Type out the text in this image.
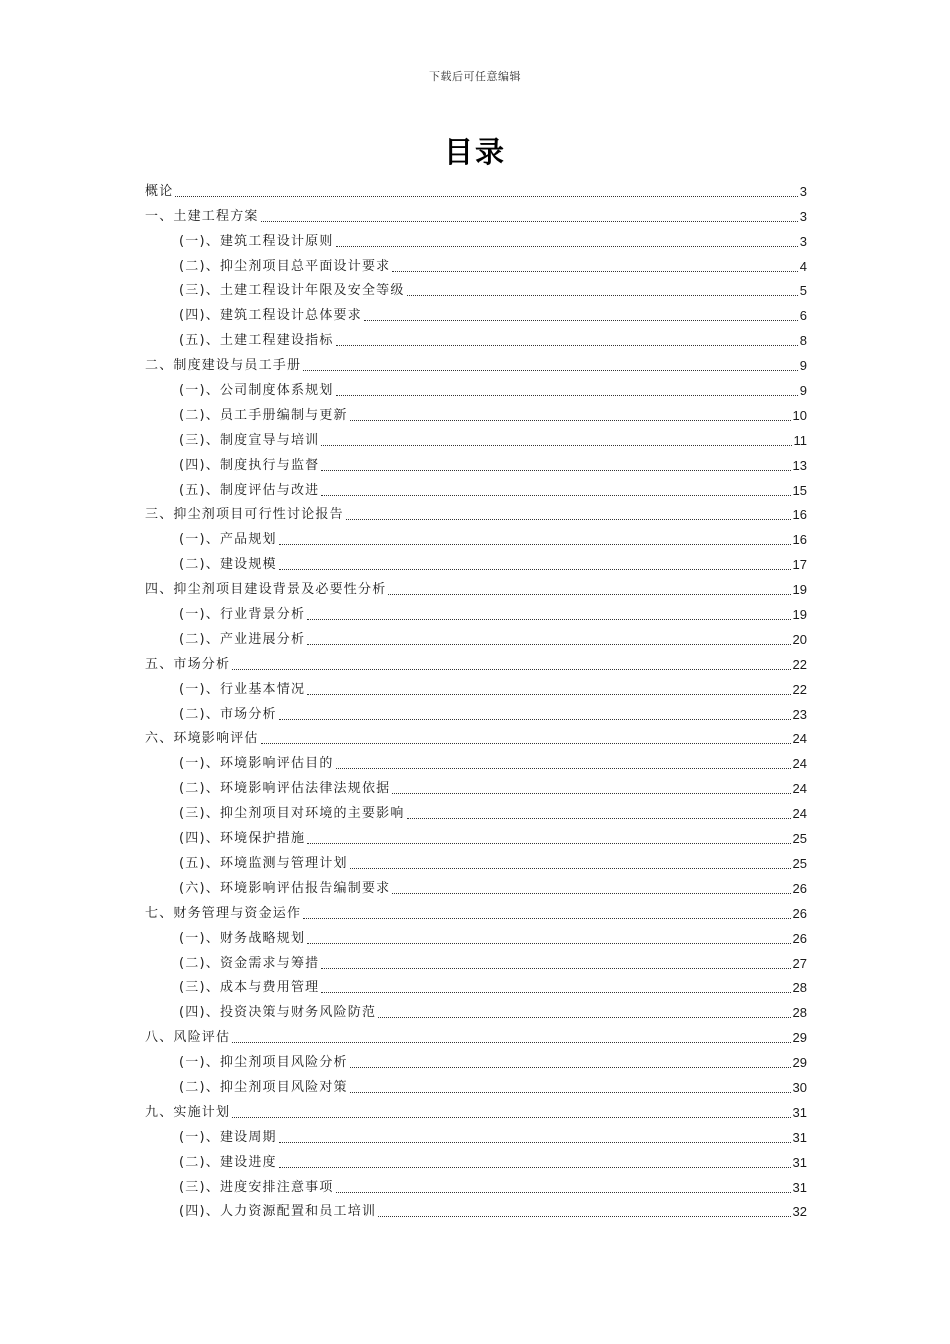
下载后可任意编辑
目录
概论	3
一、土建工程方案	3
(一)、建筑工程设计原则	3
(二)、抑尘剂项目总平面设计要求	4
(三)、土建工程设计年限及安全等级	5
(四)、建筑工程设计总体要求	6
(五)、土建工程建设指标	8
二、制度建设与员工手册	9
(一)、公司制度体系规划	9
(二)、员工手册编制与更新	10
(三)、制度宣导与培训	11
(四)、制度执行与监督	13
(五)、制度评估与改进	15
三、抑尘剂项目可行性讨论报告	16
(一)、产品规划	16
(二)、建设规模	17
四、抑尘剂项目建设背景及必要性分析	19
(一)、行业背景分析	19
(二)、产业进展分析	20
五、市场分析	22
(一)、行业基本情况	22
(二)、市场分析	23
六、环境影响评估	24
(一)、环境影响评估目的	24
(二)、环境影响评估法律法规依据	24
(三)、抑尘剂项目对环境的主要影响	24
(四)、环境保护措施	25
(五)、环境监测与管理计划	25
(六)、环境影响评估报告编制要求	26
七、财务管理与资金运作	26
(一)、财务战略规划	26
(二)、资金需求与筹措	27
(三)、成本与费用管理	28
(四)、投资决策与财务风险防范	28
八、风险评估	29
(一)、抑尘剂项目风险分析	29
(二)、抑尘剂项目风险对策	30
九、实施计划	31
(一)、建设周期	31
(二)、建设进度	31
(三)、进度安排注意事项	31
(四)、人力资源配置和员工培训	32
